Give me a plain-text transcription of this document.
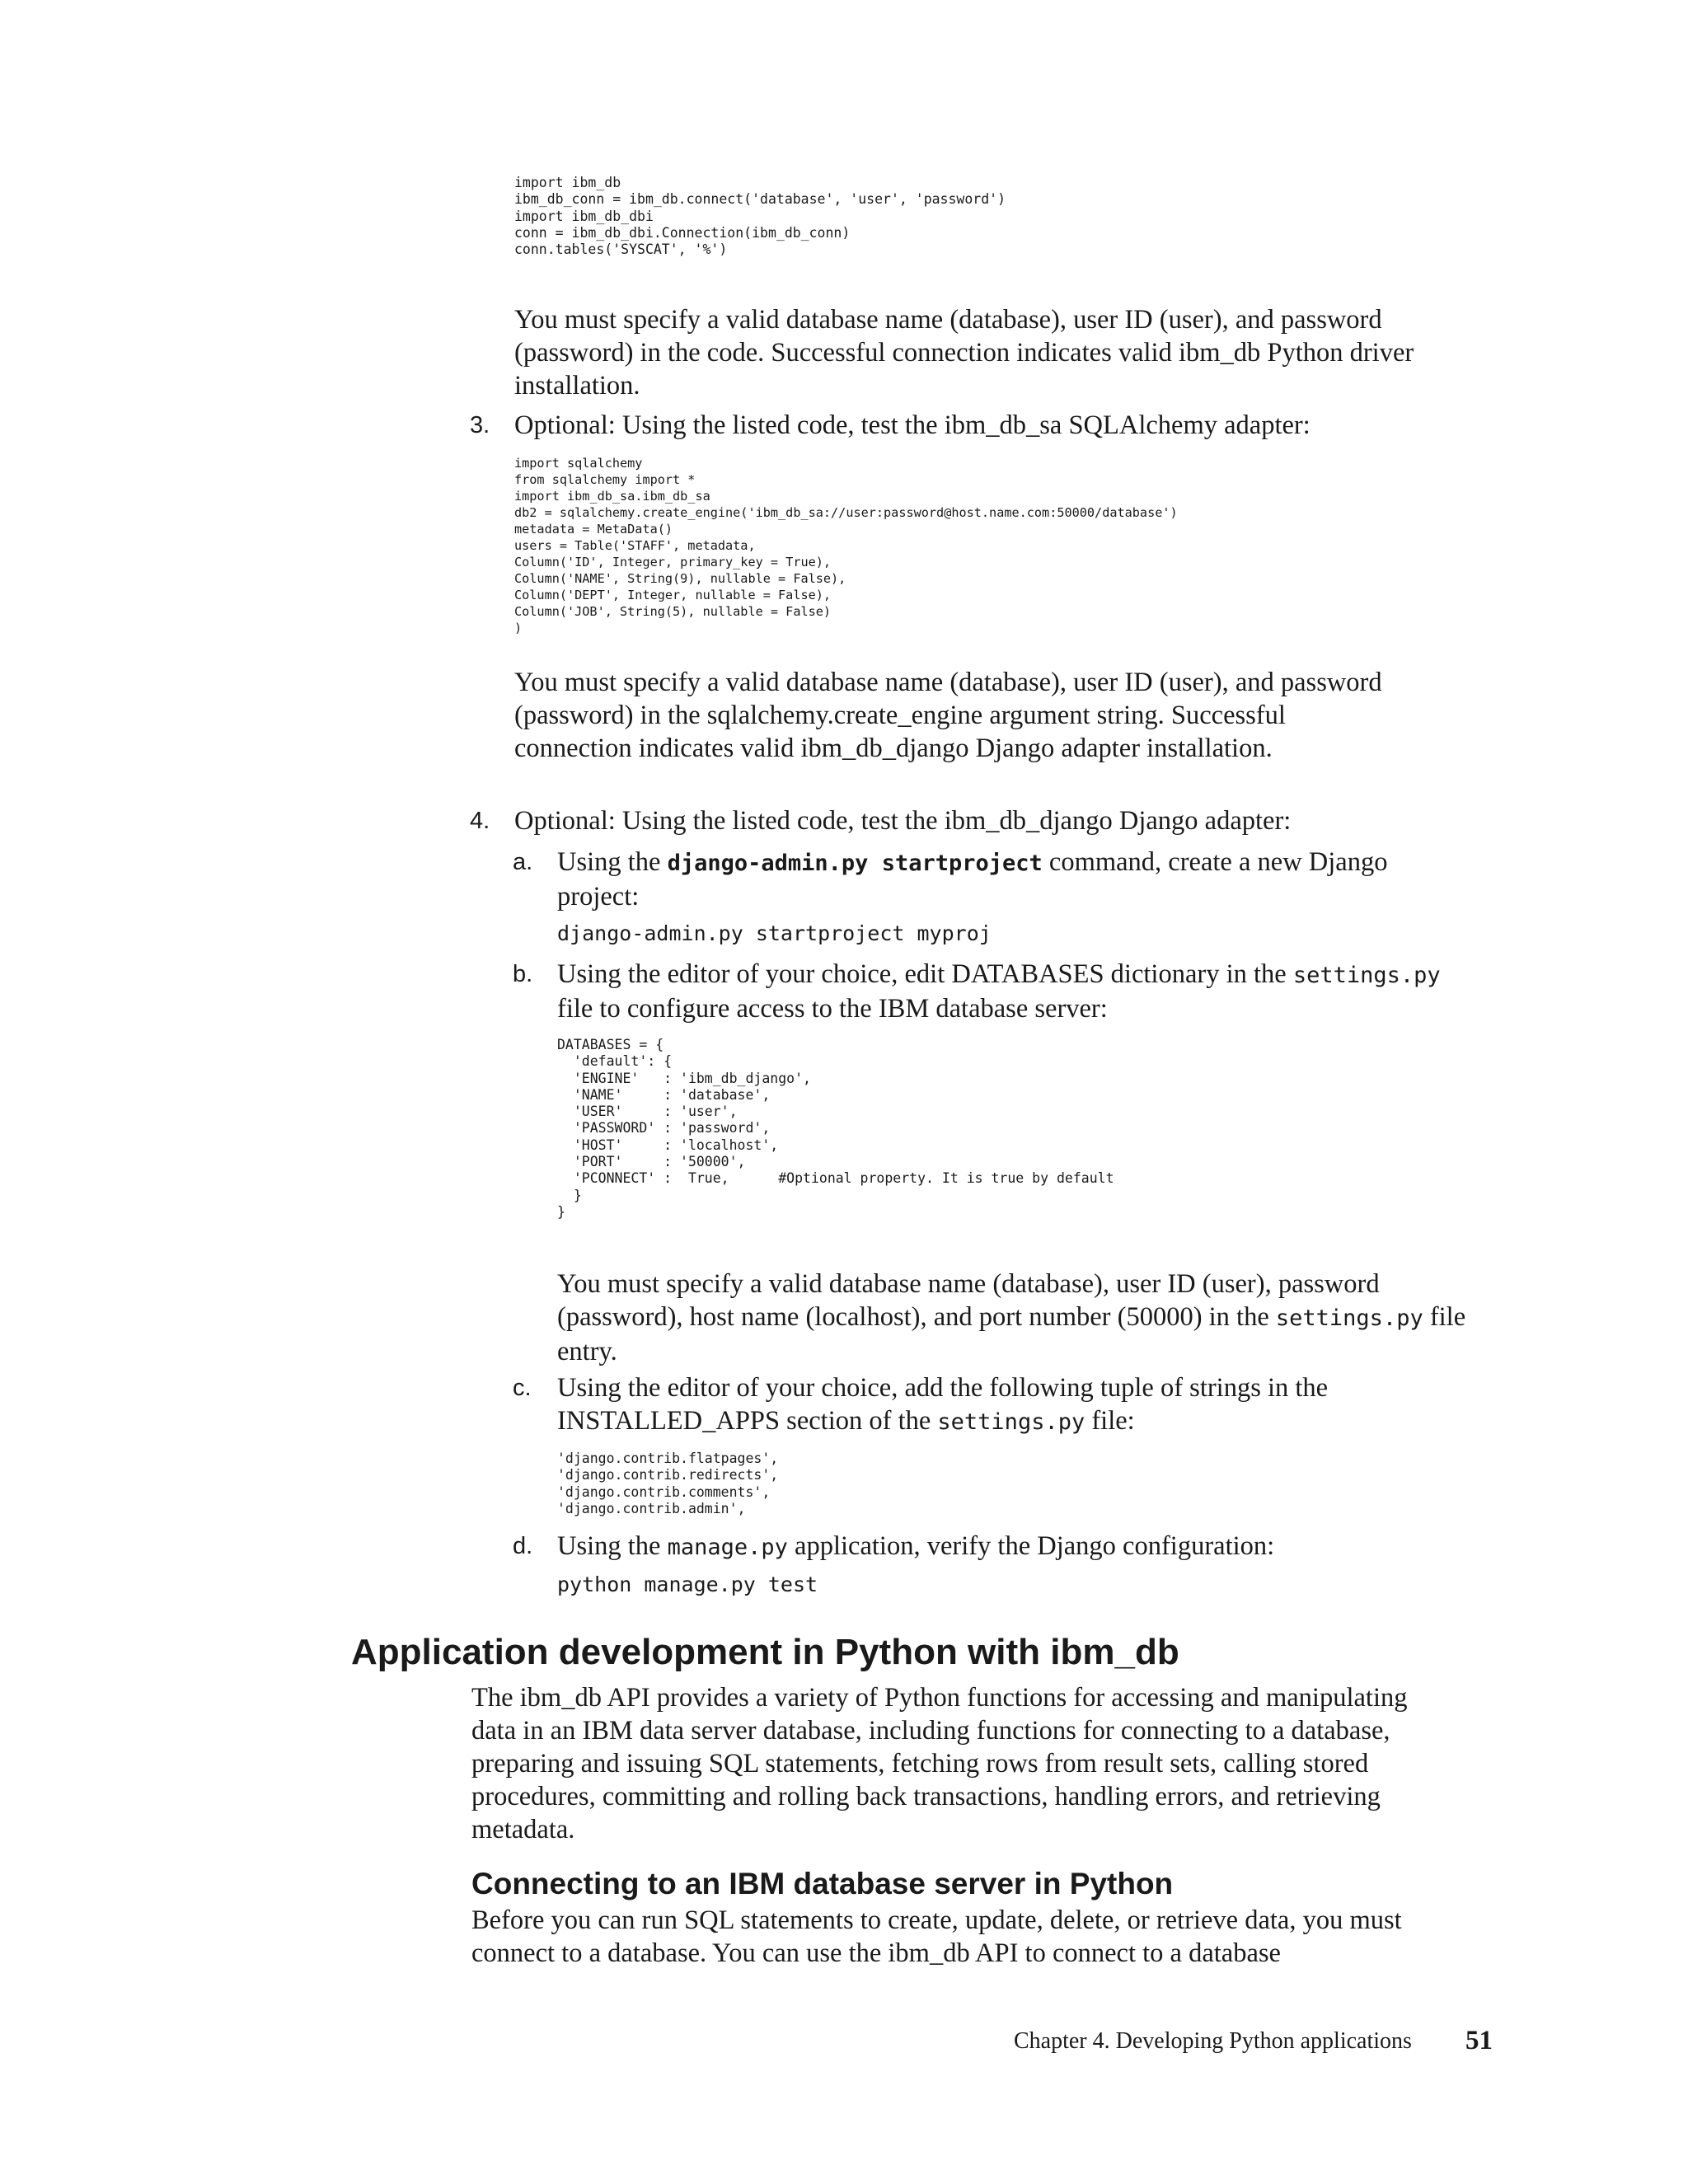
import ibm_db
ibm_db_conn = ibm_db.connect('database', 'user', 'password')
import ibm_db_dbi
conn = ibm_db_dbi.Connection(ibm_db_conn)
conn.tables('SYSCAT', '%')

You must specify a valid database name (database), user ID (user), and password (password) in the code. Successful connection indicates valid ibm_db Python driver installation.

3. Optional: Using the listed code, test the ibm_db_sa SQLAlchemy adapter:

import sqlalchemy
from sqlalchemy import *
import ibm_db_sa.ibm_db_sa
db2 = sqlalchemy.create_engine('ibm_db_sa://user:password@host.name.com:50000/database')
metadata = MetaData()
users = Table('STAFF', metadata,
Column('ID', Integer, primary_key = True),
Column('NAME', String(9), nullable = False),
Column('DEPT', Integer, nullable = False),
Column('JOB', String(5), nullable = False)
)

You must specify a valid database name (database), user ID (user), and password (password) in the sqlalchemy.create_engine argument string. Successful connection indicates valid ibm_db_django Django adapter installation.

4. Optional: Using the listed code, test the ibm_db_django Django adapter:

a. Using the django-admin.py startproject command, create a new Django project:

django-admin.py startproject myproj
b. Using the editor of your choice, edit DATABASES dictionary in the settings.py file to configure access to the IBM database server:

DATABASES = {
'default': {
'ENGINE'   : 'ibm_db_django',
'NAME'     : 'database',
'USER'     : 'user',
'PASSWORD' : 'password',
'HOST'     : 'localhost',
'PORT'     : '50000',
'PCONNECT' :  True,      #Optional property. It is true by default
}
}

You must specify a valid database name (database), user ID (user), password (password), host name (localhost), and port number (50000) in the settings.py file entry.

c. Using the editor of your choice, add the following tuple of strings in the INSTALLED_APPS section of the settings.py file:

'django.contrib.flatpages',
'django.contrib.redirects',
'django.contrib.comments',
'django.contrib.admin',
d. Using the manage.py application, verify the Django configuration:

python manage.py test
Application development in Python with ibm_db

The ibm_db API provides a variety of Python functions for accessing and manipulating data in an IBM data server database, including functions for connecting to a database, preparing and issuing SQL statements, fetching rows from result sets, calling stored procedures, committing and rolling back transactions, handling errors, and retrieving metadata.

Connecting to an IBM database server in Python

Before you can run SQL statements to create, update, delete, or retrieve data, you must connect to a database. You can use the ibm_db API to connect to a database

Chapter 4. Developing Python applications 51
